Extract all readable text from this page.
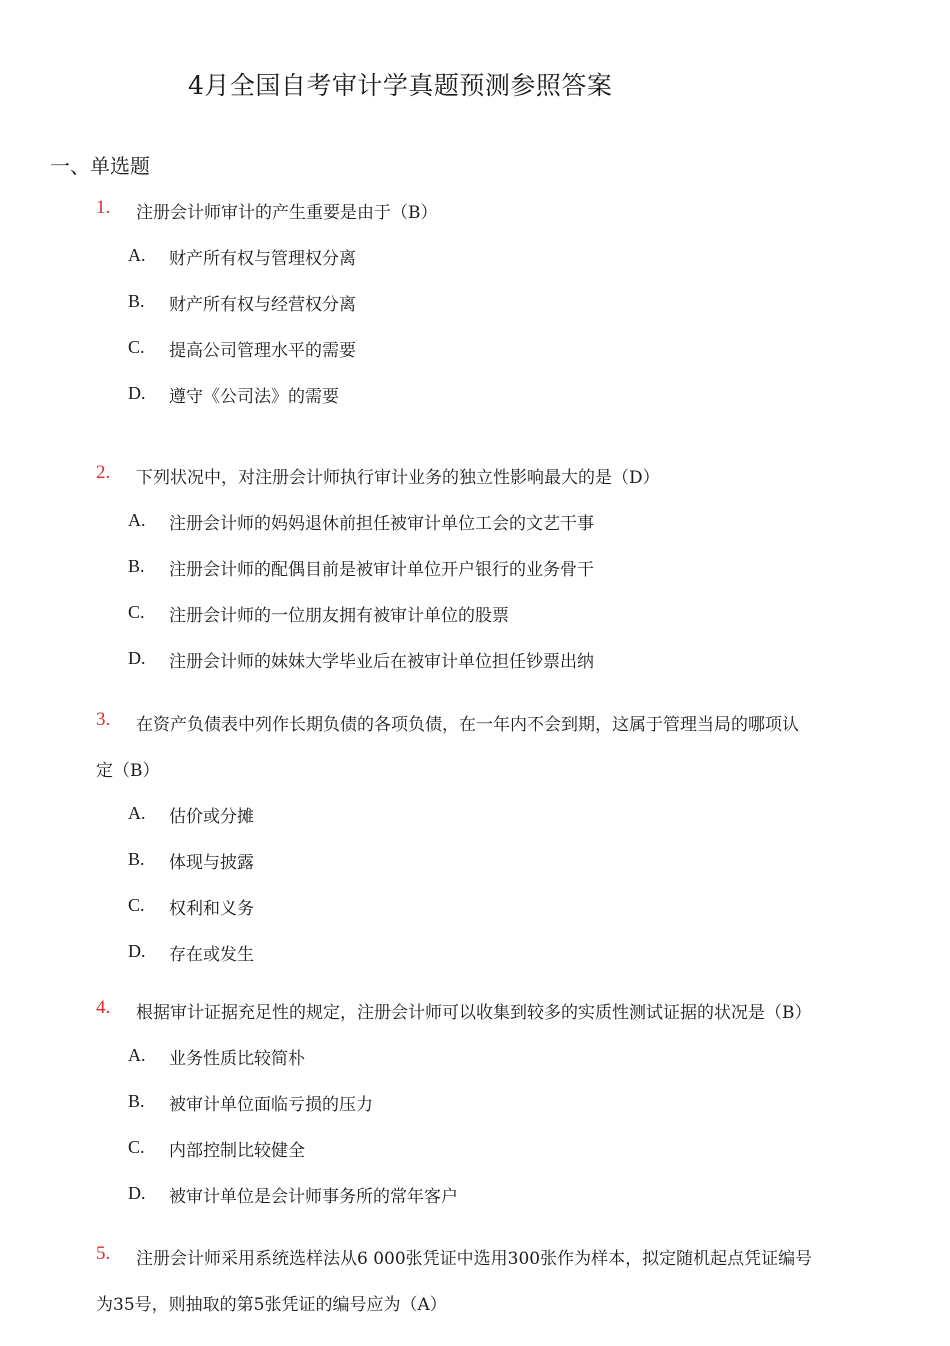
4月全国自考审计学真题预测参照答案
一、单选题
1. 注册会计师审计的产生重要是由于（B）
A. 财产所有权与管理权分离
B. 财产所有权与经营权分离
C. 提高公司管理水平的需要
D. 遵守《公司法》的需要
2. 下列状况中，对注册会计师执行审计业务的独立性影响最大的是（D）
A. 注册会计师的妈妈退休前担任被审计单位工会的文艺干事
B. 注册会计师的配偶目前是被审计单位开户银行的业务骨干
C. 注册会计师的一位朋友拥有被审计单位的股票
D. 注册会计师的妹妹大学毕业后在被审计单位担任钞票出纳
3. 在资产负债表中列作长期负债的各项负债，在一年内不会到期，这属于管理当局的哪项认
定（B）
A. 估价或分摊
B. 体现与披露
C. 权利和义务
D. 存在或发生
4. 根据审计证据充足性的规定，注册会计师可以收集到较多的实质性测试证据的状况是（B）
A. 业务性质比较简朴
B. 被审计单位面临亏损的压力
C. 内部控制比较健全
D. 被审计单位是会计师事务所的常年客户
5. 注册会计师采用系统选样法从6 000张凭证中选用300张作为样本，拟定随机起点凭证编号
为35号，则抽取的第5张凭证的编号应为（A）
